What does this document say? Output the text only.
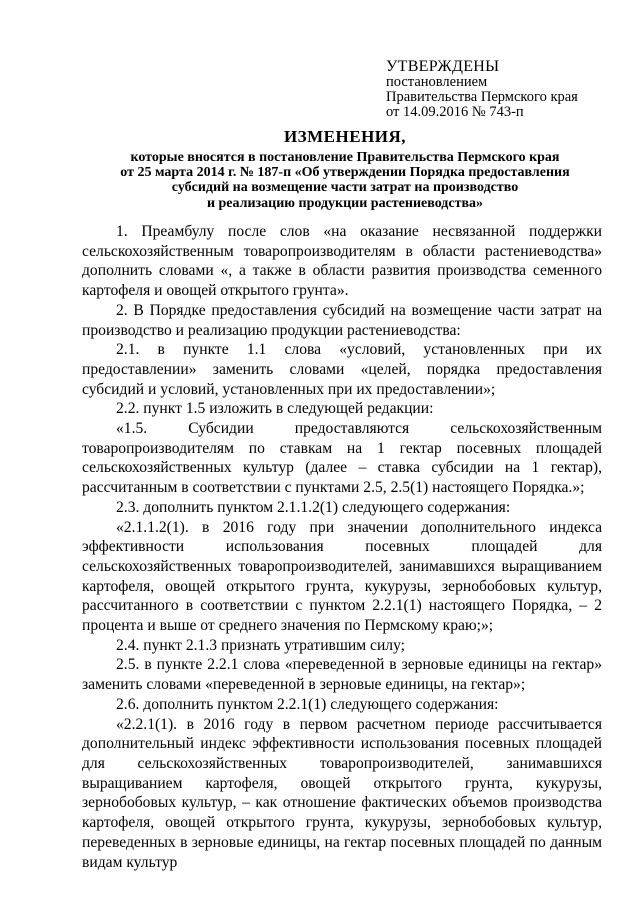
УТВЕРЖДЕНЫ
постановлением
Правительства Пермского края
от 14.09.2016 № 743-п
ИЗМЕНЕНИЯ,
которые вносятся в постановление Правительства Пермского края
от 25 марта 2014 г. № 187-п «Об утверждении Порядка предоставления
субсидий на возмещение части затрат на производство
и реализацию продукции растениеводства»

1. Преамбулу после слов «на оказание несвязанной поддержки сельскохозяйственным товаропроизводителям в области растениеводства» дополнить словами «, а также в области развития производства семенного картофеля и овощей открытого грунта».

2. В Порядке предоставления субсидий на возмещение части затрат на производство и реализацию продукции растениеводства:

2.1. в пункте 1.1 слова «условий, установленных при их предоставлении» заменить словами «целей, порядка предоставления субсидий и условий, установленных при их предоставлении»;

2.2. пункт 1.5 изложить в следующей редакции:

«1.5. Субсидии предоставляются сельскохозяйственным товаропроизводителям по ставкам на 1 гектар посевных площадей сельскохозяйственных культур (далее – ставка субсидии на 1 гектар), рассчитанным в соответствии с пунктами 2.5, 2.5(1) настоящего Порядка.»;

2.3. дополнить пунктом 2.1.1.2(1) следующего содержания:

«2.1.1.2(1). в 2016 году при значении дополнительного индекса эффективности использования посевных площадей для сельскохозяйственных товаропроизводителей, занимавшихся выращиванием картофеля, овощей открытого грунта, кукурузы, зернобобовых культур, рассчитанного в соответствии с пунктом 2.2.1(1) настоящего Порядка, – 2 процента и выше от среднего значения по Пермскому краю;»;

2.4. пункт 2.1.3 признать утратившим силу;

2.5. в пункте 2.2.1 слова «переведенной в зерновые единицы на гектар» заменить словами «переведенной в зерновые единицы, на гектар»;

2.6. дополнить пунктом 2.2.1(1) следующего содержания:

«2.2.1(1). в 2016 году в первом расчетном периоде рассчитывается дополнительный индекс эффективности использования посевных площадей для сельскохозяйственных товаропроизводителей, занимавшихся выращиванием картофеля, овощей открытого грунта, кукурузы, зернобобовых культур, – как отношение фактических объемов производства картофеля, овощей открытого грунта, кукурузы, зернобобовых культур, переведенных в зерновые единицы, на гектар посевных площадей по данным видам культур
